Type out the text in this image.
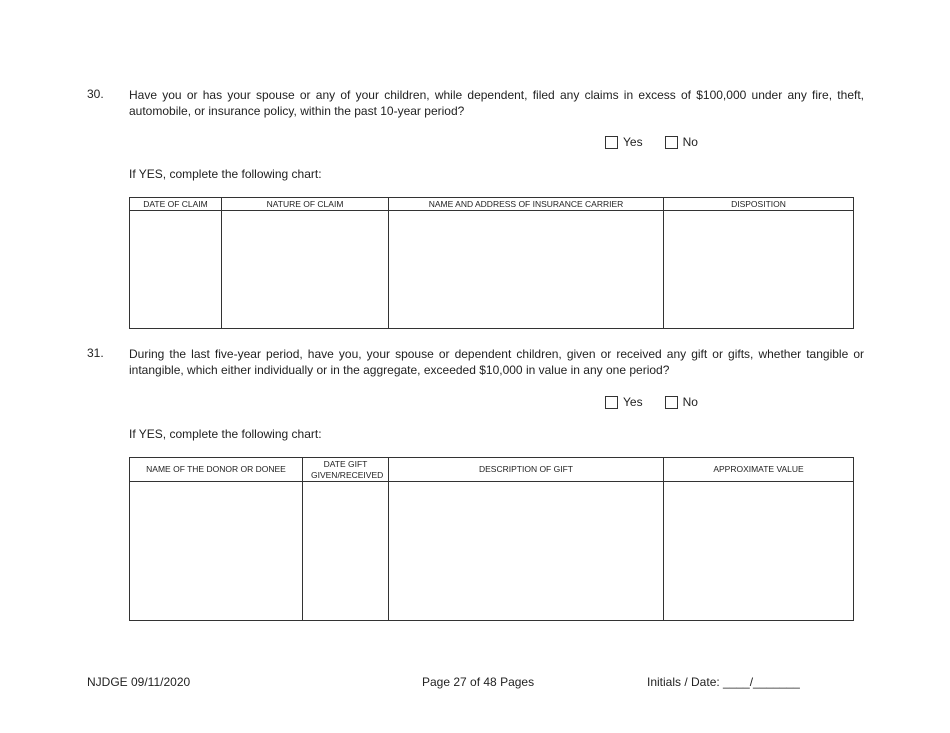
30. Have you or has your spouse or any of your children, while dependent, filed any claims in excess of $100,000 under any fire, theft, automobile, or insurance policy, within the past 10-year period?
Yes	No
If YES, complete the following chart:
DATE OF CLAIM	NATURE OF CLAIM	NAME AND ADDRESS OF INSURANCE CARRIER	DISPOSITION

31. During the last five-year period, have you, your spouse or dependent children, given or received any gift or gifts, whether tangible or intangible, which either individually or in the aggregate, exceeded $10,000 in value in any one period?
Yes	No
If YES, complete the following chart:
NAME OF THE DONOR OR DONEE	DATE GIFT GIVEN/RECEIVED	DESCRIPTION OF GIFT	APPROXIMATE VALUE

NJDGE 09/11/2020	Page 27 of 48 Pages	Initials / Date: ____/_______
